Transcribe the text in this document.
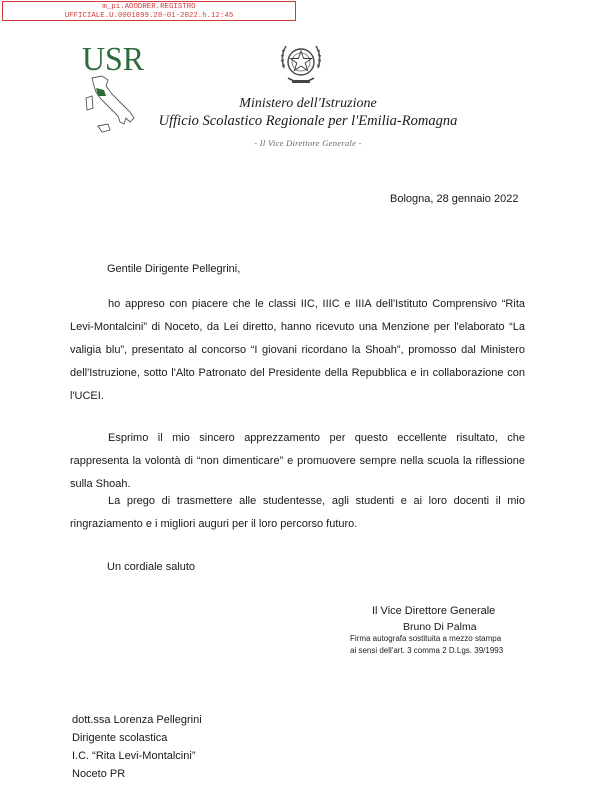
m_pi.AOODRER.REGISTRO
UFFICIALE.U.0001899.28-01-2022.h.12:45
USR
Ministero dell'Istruzione
Ufficio Scolastico Regionale per l'Emilia-Romagna
- Il Vice Direttore Generale -
Bologna, 28 gennaio 2022
Gentile Dirigente Pellegrini,
ho appreso con piacere che le classi IIC, IIIC e IIIA dell'Istituto Comprensivo “Rita Levi-Montalcini” di Noceto, da Lei diretto, hanno ricevuto una Menzione per l'elaborato “La valigia blu”, presentato al concorso “I giovani ricordano la Shoah”, promosso dal Ministero dell'Istruzione, sotto l'Alto Patronato del Presidente della Repubblica e in collaborazione con l'UCEI.
Esprimo il mio sincero apprezzamento per questo eccellente risultato, che rappresenta la volontà di “non dimenticare” e promuovere sempre nella scuola la riflessione sulla Shoah.
La prego di trasmettere alle studentesse, agli studenti e ai loro docenti il mio ringraziamento e i migliori auguri per il loro percorso futuro.
Un cordiale saluto
Il Vice Direttore Generale
Bruno Di Palma
Firma autografa sostituita a mezzo stampa
ai sensi dell'art. 3 comma 2 D.Lgs. 39/1993
dott.ssa Lorenza Pellegrini
Dirigente scolastica
I.C. “Rita Levi-Montalcini”
Noceto PR
